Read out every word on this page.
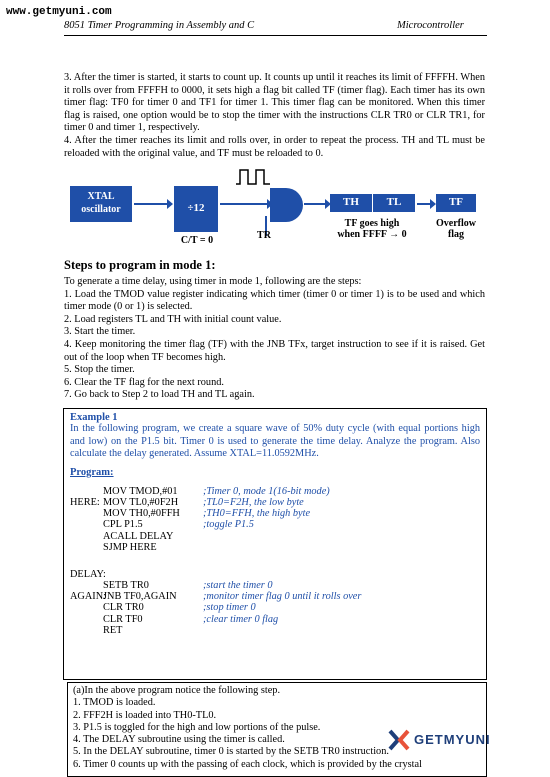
www.getmyuni.com
8051 Timer Programming in Assembly and C	Microcontroller
3. After the timer is started, it starts to count up. It counts up until it reaches its limit of FFFFH. When it rolls over from FFFFH to 0000, it sets high a flag bit called TF (timer flag). Each timer has its own timer flag: TF0 for timer 0 and TF1 for timer 1. This timer flag can be monitored. When this timer flag is raised, one option would be to stop the timer with the instructions CLR TR0 or CLR TR1, for timer 0 and timer 1, respectively.
4. After the timer reaches its limit and rolls over, in order to repeat the process. TH and TL must be reloaded with the original value, and TF must be reloaded to 0.
XTAL
oscillator	÷12
C/T = 0	TR
TH	TL
TF goes high
when FFFF → 0
TF
Overflow
flag
Steps to program in mode 1:
To generate a time delay, using timer in mode 1, following are the steps:
1. Load the TMOD value register indicating which timer (timer 0 or timer 1) is to be used and which timer mode (0 or 1) is selected.
2. Load registers TL and TH with initial count value.
3. Start the timer.
4. Keep monitoring the timer flag (TF) with the JNB TFx, target instruction to see if it is raised. Get out of the loop when TF becomes high.
5. Stop the timer.
6. Clear the TF flag for the next round.
7. Go back to Step 2 to load TH and TL again.
Example 1
In the following program, we create a square wave of 50% duty cycle (with equal portions high and low) on the P1.5 bit. Timer 0 is used to generate the time delay. Analyze the program. Also calculate the delay generated. Assume XTAL=11.0592MHz.
Program:
MOV TMOD,#01 ;Timer 0, mode 1(16-bit mode)
HERE: MOV TL0,#0F2H ;TL0=F2H, the low byte
MOV TH0,#0FFH ;TH0=FFH, the high byte
CPL P1.5	;toggle P1.5
ACALL DELAY
SJMP HERE
DELAY:
SETB TR0	;start the timer 0
AGAIN:
JNB TF0,AGAIN	;monitor timer flag 0 until it rolls over
CLR TR0	;stop timer 0
CLR TF0	;clear timer 0 flag
RET
(a)In the above program notice the following step.
1. TMOD is loaded.
2. FFF2H is loaded into TH0-TL0.
3. P1.5 is toggled for the high and low portions of the pulse.
4. The DELAY subroutine using the timer is called.
5. In the DELAY subroutine, timer 0 is started by the SETB TR0 instruction.
6. Timer 0 counts up with the passing of each clock, which is provided by the crystal
GETMYUNI
